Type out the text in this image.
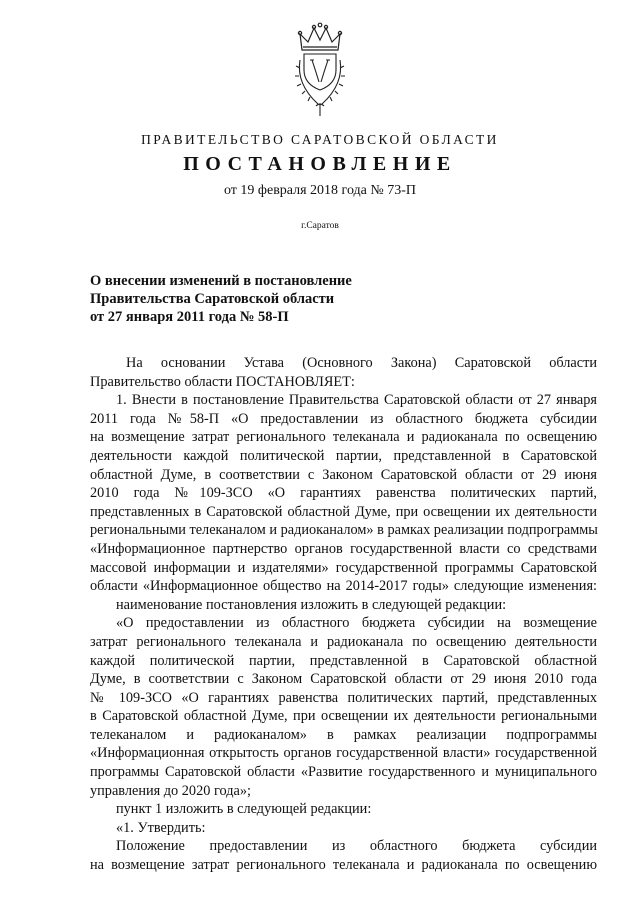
ПРАВИТЕЛЬСТВО САРАТОВСКОЙ ОБЛАСТИ
ПОСТАНОВЛЕНИЕ
от 19 февраля 2018 года № 73-П
г.Саратов
О внесении изменений в постановление
Правительства Саратовской области
от 27 января 2011 года № 58-П
На основании Устава (Основного Закона) Саратовской области
Правительство области ПОСТАНОВЛЯЕТ:
1. Внести в постановление Правительства Саратовской области от 27 января
2011 года №58-П «О предоставлении из областного бюджета субсидии
на возмещение затрат регионального телеканала и радиоканала по освещению
деятельности каждой политической партии, представленной в Саратовской
областной Думе, в соответствии с Законом Саратовской области от 29 июня
2010 года №109-ЗСО «О гарантиях равенства политических партий,
представленных в Саратовской областной Думе, при освещении их деятельности
региональными телеканалом и радиоканалом» в рамках реализации подпрограммы
«Информационное партнерство органов государственной власти со средствами
массовой информации и издателями» государственной программы Саратовской
области «Информационное общество на 2014-2017 годы» следующие изменения:
наименование постановления изложить в следующей редакции:
«О предоставлении из областного бюджета субсидии на возмещение
затрат регионального телеканала и радиоканала по освещению деятельности
каждой политической партии, представленной в Саратовской областной
Думе, в соответствии с Законом Саратовской области от 29 июня 2010 года
№ 109-ЗСО «О гарантиях равенства политических партий, представленных
в Саратовской областной Думе, при освещении их деятельности региональными
телеканалом и радиоканалом» в рамках реализации подпрограммы
«Информационная открытость органов государственной власти» государственной
программы Саратовской области «Развитие государственного и муниципального
управления до 2020 года»;
пункт 1 изложить в следующей редакции:
«1. Утвердить:
Положение предоставлении из областного бюджета субсидии
на возмещение затрат регионального телеканала и радиоканала по освещению
